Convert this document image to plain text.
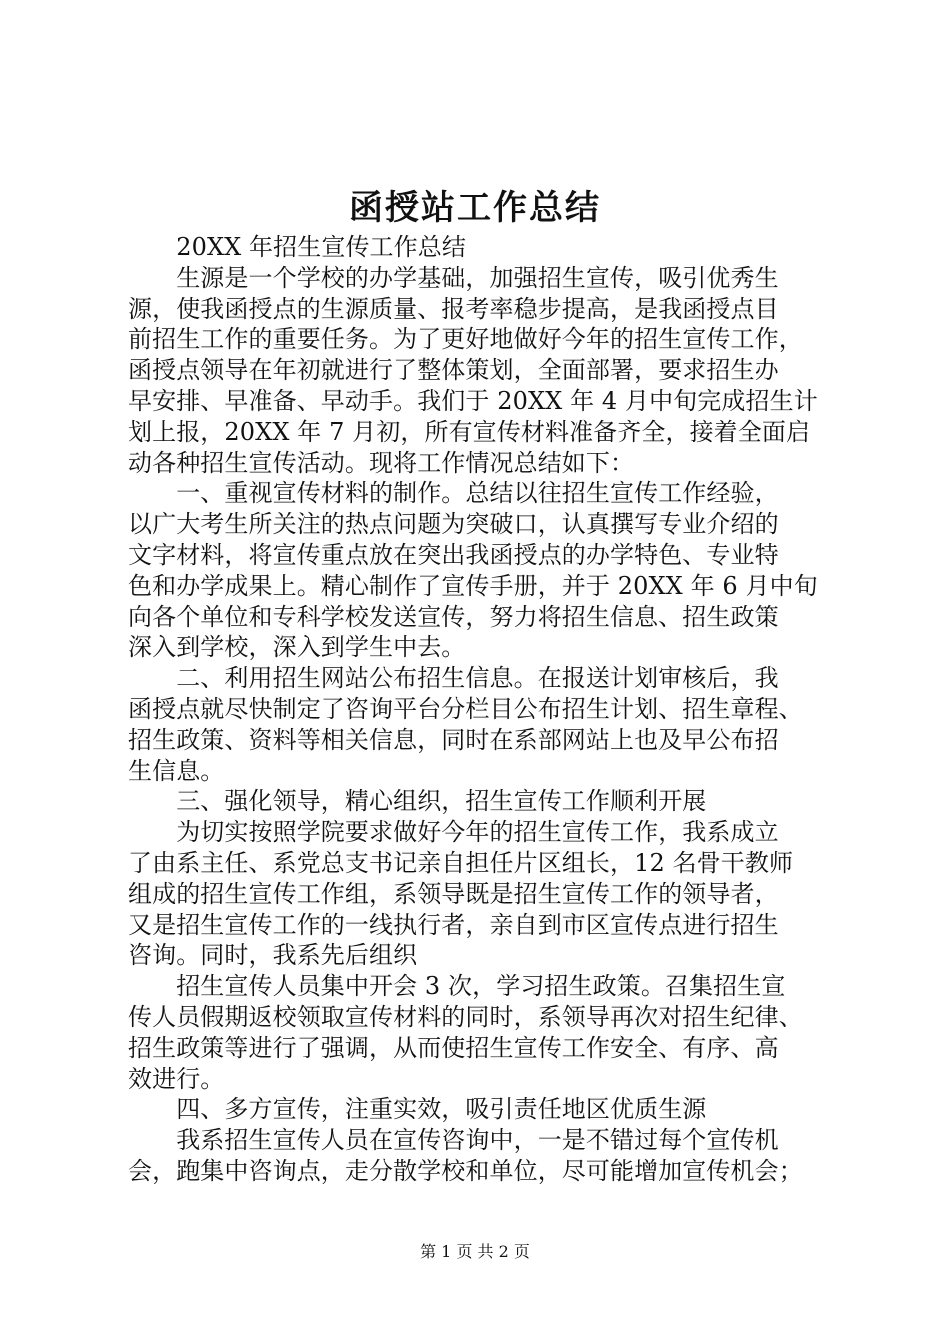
函授站工作总结
　　20XX 年招生宣传工作总结
　　生源是一个学校的办学基础，加强招生宣传，吸引优秀生
源，使我函授点的生源质量、报考率稳步提高，是我函授点目
前招生工作的重要任务。为了更好地做好今年的招生宣传工作，
函授点领导在年初就进行了整体策划，全面部署，要求招生办
早安排、早准备、早动手。我们于 20XX 年 4 月中旬完成招生计
划上报，20XX 年 7 月初，所有宣传材料准备齐全，接着全面启
动各种招生宣传活动。现将工作情况总结如下：
　　一、重视宣传材料的制作。总结以往招生宣传工作经验，
以广大考生所关注的热点问题为突破口，认真撰写专业介绍的
文字材料，将宣传重点放在突出我函授点的办学特色、专业特
色和办学成果上。精心制作了宣传手册，并于 20XX 年 6 月中旬
向各个单位和专科学校发送宣传，努力将招生信息、招生政策
深入到学校，深入到学生中去。
　　二、利用招生网站公布招生信息。在报送计划审核后，我
函授点就尽快制定了咨询平台分栏目公布招生计划、招生章程、
招生政策、资料等相关信息，同时在系部网站上也及早公布招
生信息。
　　三、强化领导，精心组织，招生宣传工作顺利开展
　　为切实按照学院要求做好今年的招生宣传工作，我系成立
了由系主任、系党总支书记亲自担任片区组长，12 名骨干教师
组成的招生宣传工作组，系领导既是招生宣传工作的领导者，
又是招生宣传工作的一线执行者，亲自到市区宣传点进行招生
咨询。同时，我系先后组织
　　招生宣传人员集中开会 3 次，学习招生政策。召集招生宣
传人员假期返校领取宣传材料的同时，系领导再次对招生纪律、
招生政策等进行了强调，从而使招生宣传工作安全、有序、高
效进行。
　　四、多方宣传，注重实效，吸引责任地区优质生源
　　我系招生宣传人员在宣传咨询中，一是不错过每个宣传机
会，跑集中咨询点，走分散学校和单位，尽可能增加宣传机会；
第 1 页 共 2 页
